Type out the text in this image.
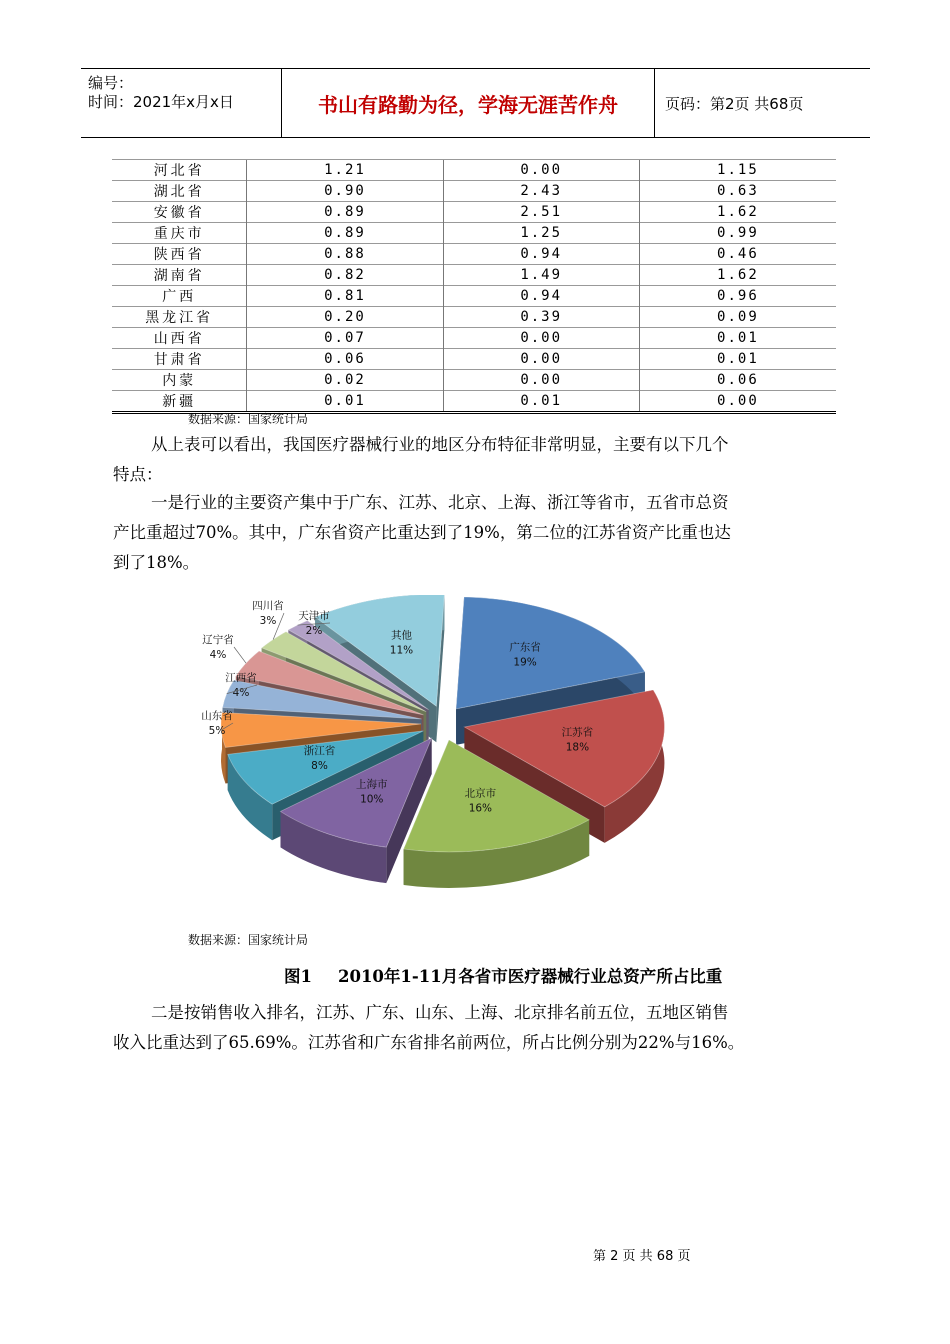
编号：
时间：2021年x月x日	书山有路勤为径，学海无涯苦作舟	页码：第2页 共68页
河北省	1.21	0.00	1.15
湖北省	0.90	2.43	0.63
安徽省	0.89	2.51	1.62
重庆市	0.89	1.25	0.99
陕西省	0.88	0.94	0.46
湖南省	0.82	1.49	1.62
广西	0.81	0.94	0.96
黑龙江省	0.20	0.39	0.09
山西省	0.07	0.00	0.01
甘肃省	0.06	0.00	0.01
内蒙	0.02	0.00	0.06
新疆	0.01	0.01	0.00
数据来源：国家统计局
从上表可以看出，我国医疗器械行业的地区分布特征非常明显，主要有以下几个
特点：
一是行业的主要资产集中于广东、江苏、北京、上海、浙江等省市，五省市总资
产比重超过70%。其中，广东省资产比重达到了19%，第二位的江苏省资产比重也达
到了18%。
广东省
19%
江苏省
18%
北京市
16%
上海市
10%
浙江省
8%
山东省
5%
江西省
4%
辽宁省
4%
四川省
3% 天津市
2%	其他
11%
数据来源：国家统计局
图1 2010年1-11月各省市医疗器械行业总资产所占比重
二是按销售收入排名，江苏、广东、山东、上海、北京排名前五位，五地区销售
收入比重达到了65.69%。江苏省和广东省排名前两位，所占比例分别为22%与16%。
第 2 页 共 68 页
